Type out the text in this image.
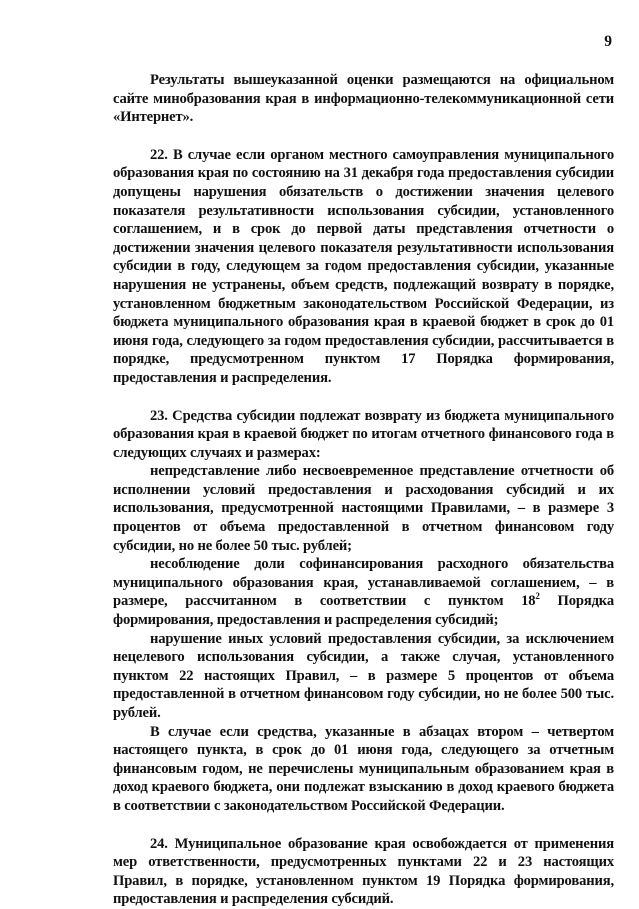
9

Результаты вышеуказанной оценки размещаются на официальном сайте минобразования края в информационно-телекоммуникационной сети «Интернет».

22. В случае если органом местного самоуправления муниципального образования края по состоянию на 31 декабря года предоставления субсидии допущены нарушения обязательств о достижении значения целевого показателя результативности использования субсидии, установленного соглашением, и в срок до первой даты представления отчетности о достижении значения целевого показателя результативности использования субсидии в году, следующем за годом предоставления субсидии, указанные нарушения не устранены, объем средств, подлежащий возврату в порядке, установленном бюджетным законодательством Российской Федерации, из бюджета муниципального образования края в краевой бюджет в срок до 01 июня года, следующего за годом предоставления субсидии, рассчитывается в порядке, предусмотренном пунктом 17 Порядка формирования, предоставления и распределения.

23. Средства субсидии подлежат возврату из бюджета муниципального образования края в краевой бюджет по итогам отчетного финансового года в следующих случаях и размерах:

непредставление либо несвоевременное представление отчетности об исполнении условий предоставления и расходования субсидий и их использования, предусмотренной настоящими Правилами, – в размере 3 процентов от объема предоставленной в отчетном финансовом году субсидии, но не более 50 тыс. рублей;

несоблюдение доли софинансирования расходного обязательства муниципального образования края, устанавливаемой соглашением, – в размере, рассчитанном в соответствии с пунктом $18^2$ Порядка формирования, предоставления и распределения субсидий;

нарушение иных условий предоставления субсидии, за исключением нецелевого использования субсидии, а также случая, установленного пунктом 22 настоящих Правил, – в размере 5 процентов от объема предоставленной в отчетном финансовом году субсидии, но не более 500 тыс. рублей.

В случае если средства, указанные в абзацах втором – четвертом настоящего пункта, в срок до 01 июня года, следующего за отчетным финансовым годом, не перечислены муниципальным образованием края в доход краевого бюджета, они подлежат взысканию в доход краевого бюджета в соответствии с законодательством Российской Федерации.

24. Муниципальное образование края освобождается от применения мер ответственности, предусмотренных пунктами 22 и 23 настоящих Правил, в порядке, установленном пунктом 19 Порядка формирования, предоставления и распределения субсидий.
